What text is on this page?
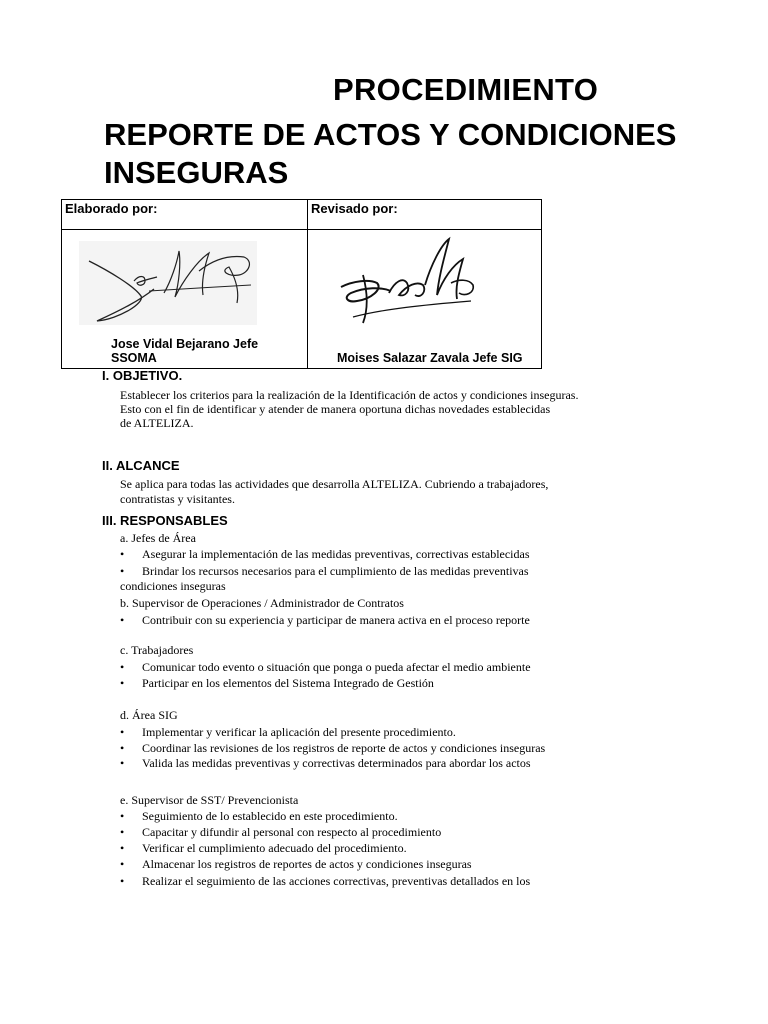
PROCEDIMIENTO
REPORTE DE ACTOS Y CONDICIONES
INSEGURAS
Elaborado por:	Revisado por:
Jose Vidal Bejarano Jefe
SSOMA	Moises Salazar Zavala Jefe SIG
I. OBJETIVO.
Establecer los criterios para la realización de la Identificación de actos y condiciones inseguras.
Esto con el fin de identificar y atender de manera oportuna dichas novedades establecidas
de ALTELIZA.
II. ALCANCE
Se aplica para todas las actividades que desarrolla ALTELIZA. Cubriendo a trabajadores,
contratistas y visitantes.
III. RESPONSABLES
a. Jefes de Área
• Asegurar la implementación de las medidas preventivas, correctivas establecidas
• Brindar los recursos necesarios para el cumplimiento de las medidas preventivas
condiciones inseguras
b. Supervisor de Operaciones / Administrador de Contratos
• Contribuir con su experiencia y participar de manera activa en el proceso reporte
c. Trabajadores
• Comunicar todo evento o situación que ponga o pueda afectar el medio ambiente
• Participar en los elementos del Sistema Integrado de Gestión
d. Área SIG
• Implementar y verificar la aplicación del presente procedimiento.
• Coordinar las revisiones de los registros de reporte de actos y condiciones inseguras
• Valida las medidas preventivas y correctivas determinados para abordar los actos
e. Supervisor de SST/ Prevencionista
• Seguimiento de lo establecido en este procedimiento.
• Capacitar y difundir al personal con respecto al procedimiento
• Verificar el cumplimiento adecuado del procedimiento.
• Almacenar los registros de reportes de actos y condiciones inseguras
• Realizar el seguimiento de las acciones correctivas, preventivas detallados en los
